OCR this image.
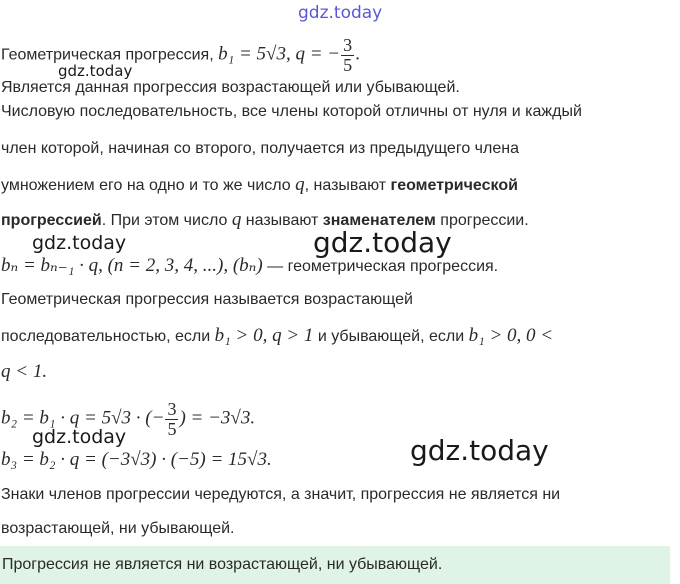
gdz.today
gdz.today
gdz.today	gdz.today
gdz.today	gdz.today
Геометрическая прогрессия, b₁ = 5√3, q = − $\frac{3}{5}$ .
Является данная прогрессия возрастающей или убывающей.
Числовую последовательность, все члены которой отличны от нуля и каждый
член которой, начиная со второго, получается из предыдущего члена
умножением его на одно и то же число q, называют геометрической
прогрессией. При этом число q называют знаменателем прогрессии.
bₙ = bₙ₋₁ · q, (n = 2, 3, 4, ...), (bₙ) — геометрическая прогрессия.
Геометрическая прогрессия называется возрастающей
последовательностью, если b₁ > 0, q > 1 и убывающей, если b₁ > 0, 0 <
q < 1.
b₂ = b₁ · q = 5√3 · (− $\frac{3}{5}$ ) = −3√3.
b₃ = b₂ · q = (−3√3) · (−5) = 15√3.
Знаки членов прогрессии чередуются, а значит, прогрессия не является ни
возрастающей, ни убывающей.
Прогрессия не является ни возрастающей, ни убывающей.
